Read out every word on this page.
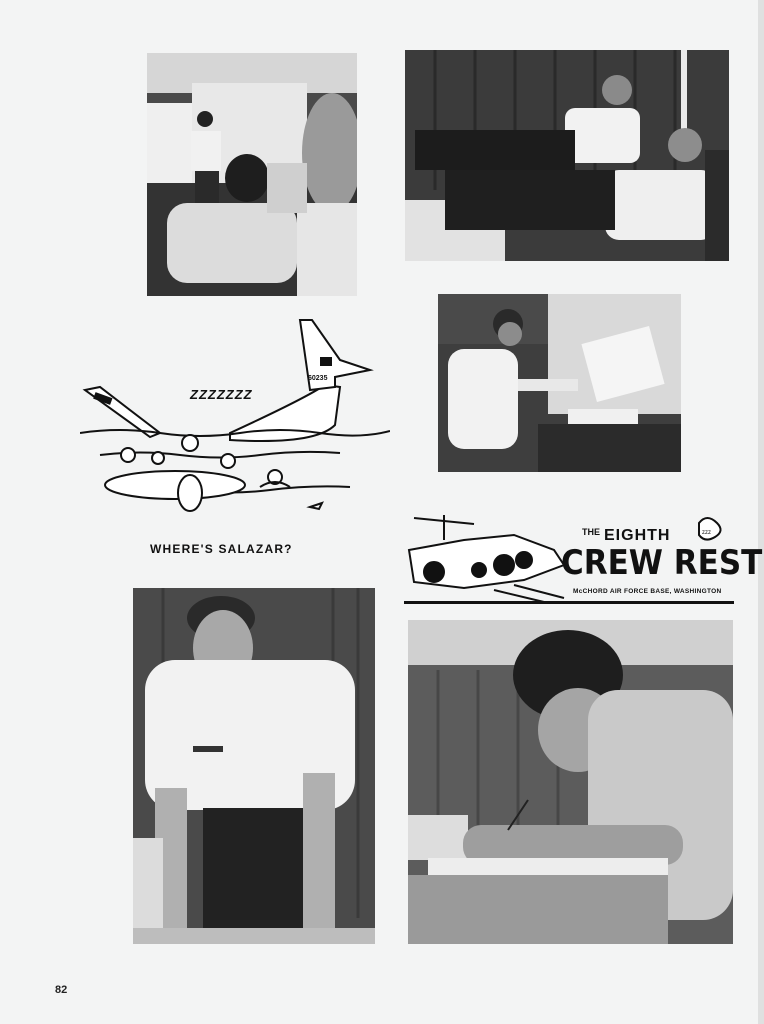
ZZZZZZZ
60235
WHERE'S SALAZAR?
zzz
THE EIGHTH
CREW REST
McCHORD AIR FORCE BASE, WASHINGTON
82
